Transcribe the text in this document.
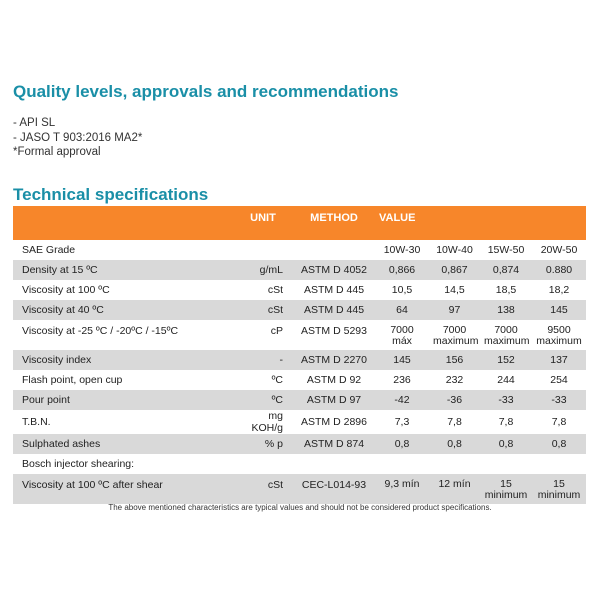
Quality levels, approvals and recommendations
- API SL
- JASO T 903:2016 MA2*
*Formal approval
Technical specifications
	UNIT	METHOD	VALUE			
SAE Grade			10W-30	10W-40	15W-50	20W-50
Density at 15 ºC	g/mL	ASTM D 4052	0,866	0,867	0,874	0.880
Viscosity at 100 ºC	cSt	ASTM D 445	10,5	14,5	18,5	18,2
Viscosity at 40 ºC	cSt	ASTM D 445	64	97	138	145
Viscosity at -25 ºC / -20ºC / -15ºC	cP	ASTM D 5293	7000 máx	7000 maximum	7000 maximum	9500 maximum
Viscosity index	-	ASTM D 2270	145	156	152	137
Flash point, open cup	ºC	ASTM D 92	236	232	244	254
Pour point	ºC	ASTM D 97	-42	-36	-33	-33
T.B.N.	mg KOH/g	ASTM D 2896	7,3	7,8	7,8	7,8
Sulphated ashes	% p	ASTM D 874	0,8	0,8	0,8	0,8
Bosch injector shearing:						
Viscosity at 100 ºC after shear	cSt	CEC-L014-93	9,3 mín	12 mín	15 minimum	15 minimum
The above mentioned characteristics are typical values and should not be considered product specifications.
